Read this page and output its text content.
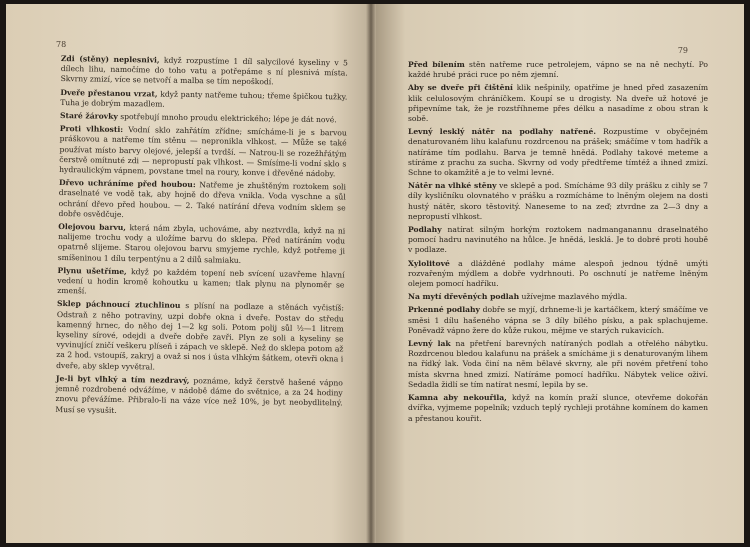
78

Zdi (stěny) neplesnivi, když rozpustíme 1 díl salycilové kyseliny v 5 dílech lihu, namočíme do toho vatu a potřepáme s ní plesnivá místa. Skvrny zmizí, více se netvoří a malba se tím nepoškodí.

Dveře přestanou vrzat, když panty natřeme tuhou; třeme špičkou tužky. Tuha je dobrým mazadlem.

Staré žárovky spotřebují mnoho proudu elektrického; lépe je dát nové.

Proti vlhkosti: Vodní sklo zahřátím zřídne; smícháme-li je s barvou práškovou a natřeme tím stěnu — nepronikla vlhkost. — Může se také používat místo barvy olejové, jelepší a tvrdší. — Natrou-li se rozežhřátým čerstvě omítnuté zdi — nepropustí pak vlhkost. — Smísíme-li vodní sklo s hydraulickým vápnem, povstane tmel na roury, konve i dřevěné nádoby.

Dřevo uchráníme před houbou: Natřeme je zhuštěným roztokem soli draselnaté ve vodě tak, aby hojně do dřeva vnikla. Voda vyschne a sůl ochrání dřevo před houbou. — 2. Také natírání dřeva vodním sklem se dobře osvědčuje.

Olejovou barvu, která nám zbyla, uchováme, aby neztvrdla, když na ni nalijeme trochu vody a uložíme barvu do sklepa. Před natíráním vodu opatrně slijeme. Starou olejovou barvu smyjeme rychle, když potřeme ji smíšeninou 1 dílu terpentýnu a 2 dílů salmiaku.

Plynu ušetříme, když po každém topení neb svícení uzavřeme hlavní vedení u hodin kromě kohoutku u kamen; tlak plynu na plynoměr se zmenší.

Sklep páchnoucí ztuchlinou s plísní na podlaze a stěnách vyčistíš: Odstraň z něho potraviny, uzpi dobře okna i dveře. Postav do středu kamenný hrnec, do něho dej 1—2 kg soli. Potom polij sůl ½—1 litrem kyseliny sírové, odejdi a dveře dobře zavři. Plyn ze soli a kyseliny se vyvinující zničí veškeru plíseň i zápach ve sklepě. Než do sklepa potom až za 2 hod. vstoupíš, zakryj a ovaž si nos i ústa vlhkým šátkem, otevři okna i dveře, aby sklep vyvětral.

Je-li byt vlhký a tím nezdravý, poznáme, když čerstvě hašené vápno jemně rozdrobené odvážíme, v nádobě dáme do světnice, a za 24 hodiny znovu převážíme. Přibralo-li na váze více než 10%, je byt neobydlitelný. Musí se vysušit.

79

Před bílením stěn natřeme ruce petrolejem, vápno se na ně nechytí. Po každé hrubé práci ruce po něm zjemní.

Aby se dveře při čištění klik nešpinily, opatříme je hned před zasazením klik celulosovým chráníčkem. Koupí se u drogisty. Na dveře už hotové je připevníme tak, že je rozstříhneme přes délku a nasadíme z obou stran k sobě.

Levný lesklý nátěr na podlahy natřené. Rozpustíme v obyčejném denaturovaném lihu kalafunu rozdrcenou na prášek; smáčíme v tom hadřík a natíráme tím podlahu. Barva je temně hnědá. Podlahy takové meteme a stíráme z prachu za sucha. Skvrny od vody předtřeme tímtéž a ihned zmizí. Schne to okamžitě a je to velmi levné.

Nátěr na vlhké stěny ve sklepě a pod. Smícháme 93 díly prášku z cihly se 7 díly kysličníku olovnatého v prášku a rozmícháme to lněným olejem na dosti hustý nátěr, skoro těstovitý. Naneseme to na zeď; ztvrdne za 2—3 dny a nepropustí vlhkost.

Podlahy natírat silným horkým roztokem nadmanganannu draselnatého pomocí hadru navinutého na hůlce. Je hnědá, lesklá. Je to dobré proti houbě v podlaze.

Xylolitové a dlážděné podlahy máme alespoň jednou týdně umýti rozvařeným mýdlem a dobře vydrhnouti. Po oschnutí je natřeme lněným olejem pomocí hadříku.

Na mytí dřevěných podlah užívejme mazlavého mýdla.

Prkenné podlahy dobře se myjí, drhneme-li je kartáčkem, který smáčíme ve směsi 1 dílu hašeného vápna se 3 díly bílého písku, a pak splachujeme. Poněvadž vápno žere do kůže rukou, mějme ve starých rukavicích.

Levný lak na přetření barevných natíraných podlah a otřelého nábytku. Rozdrcenou bledou kalafunu na prášek a smícháme ji s denaturovaným lihem na řídký lak. Voda činí na něm bělavé skvrny, ale při novém přetření toho místa skvrna hned zmizí. Natíráme pomocí hadříku. Nábytek velice oživí. Sedadla židlí se tím natírat nesmí, lepila by se.

Kamna aby nekouřila, když na komín praží slunce, otevřeme dokořán dvířka, vyjmeme popelník; vzduch teplý rychleji protáhne komínem do kamen a přestanou kouřit.
